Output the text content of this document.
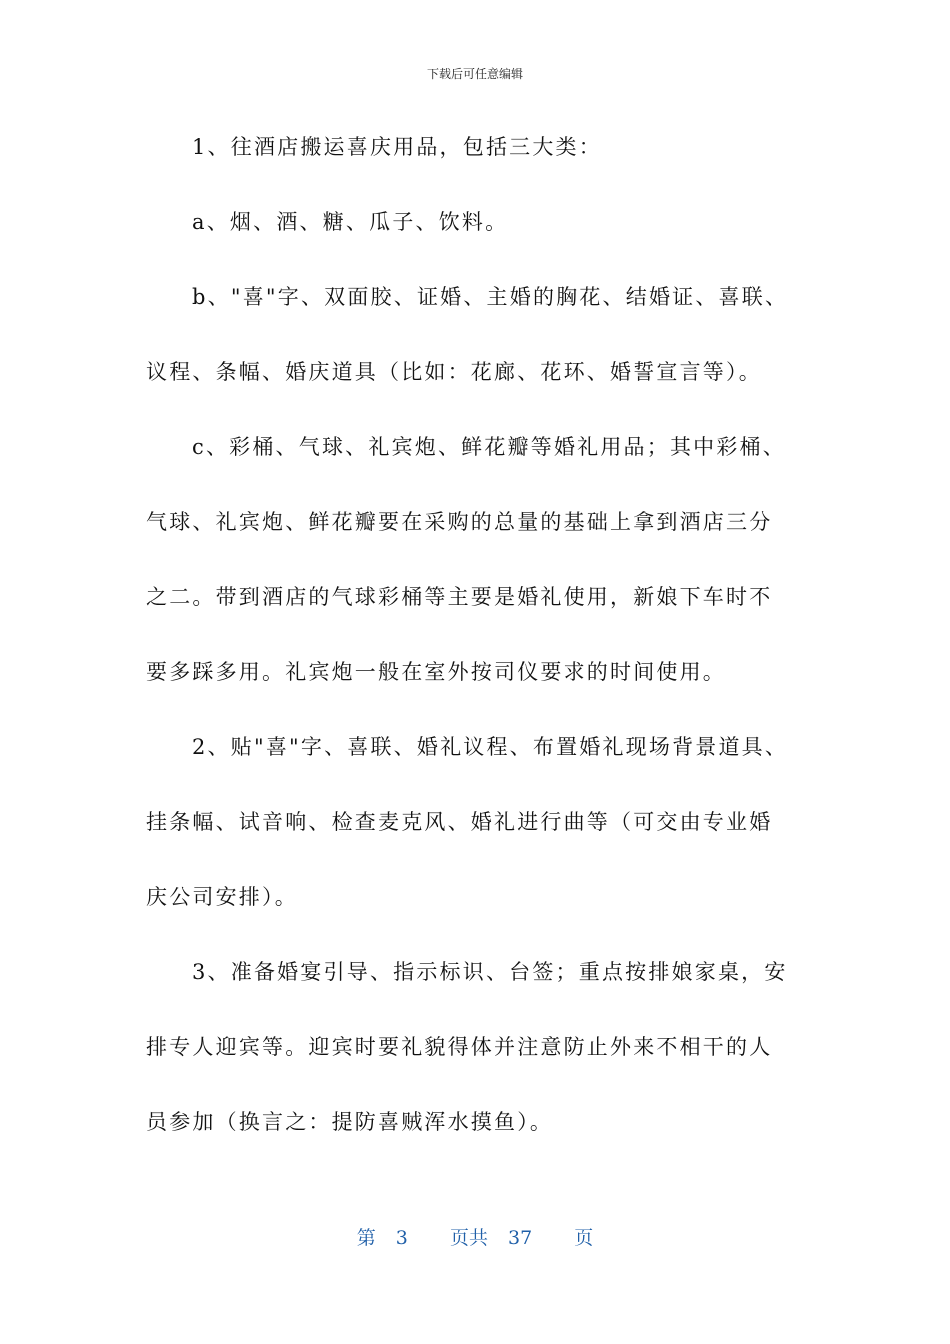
下载后可任意编辑
1、往酒店搬运喜庆用品，包括三大类：
a、烟、酒、糖、瓜子、饮料。
b、"喜"字、双面胶、证婚、主婚的胸花、结婚证、喜联、
议程、条幅、婚庆道具（比如：花廊、花环、婚誓宣言等）。
c、彩桶、气球、礼宾炮、鲜花瓣等婚礼用品；其中彩桶、
气球、礼宾炮、鲜花瓣要在采购的总量的基础上拿到酒店三分
之二。带到酒店的气球彩桶等主要是婚礼使用，新娘下车时不
要多踩多用。礼宾炮一般在室外按司仪要求的时间使用。
2、贴"喜"字、喜联、婚礼议程、布置婚礼现场背景道具、
挂条幅、试音响、检查麦克风、婚礼进行曲等（可交由专业婚
庆公司安排）。
3、准备婚宴引导、指示标识、台签；重点按排娘家桌，安
排专人迎宾等。迎宾时要礼貌得体并注意防止外来不相干的人
员参加（换言之：提防喜贼浑水摸鱼）。
第 3 页共 37 页
